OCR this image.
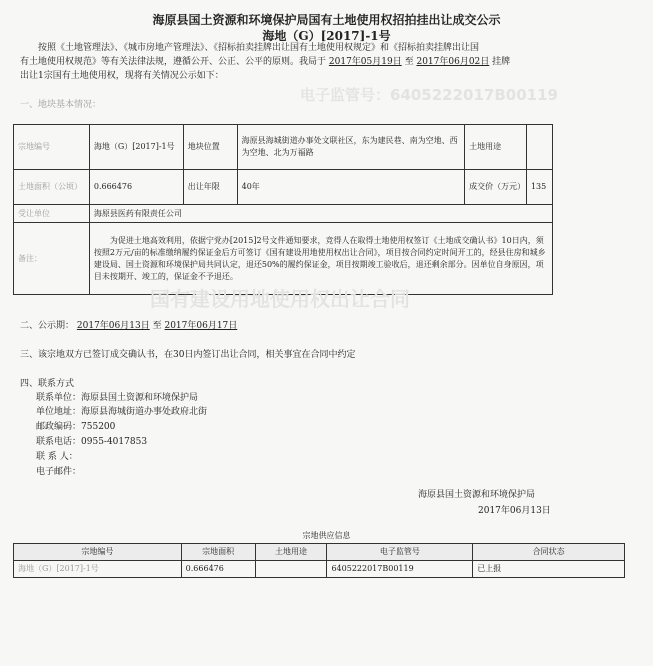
海原县国土资源和环境保护局国有土地使用权招拍挂出让成交公示
海地（G）[2017]-1号
按照《土地管理法》、《城市房地产管理法》、《招标拍卖挂牌出让国有土地使用权规定》和《招标拍卖挂牌出让国
有土地使用权规范》等有关法律法规，遵循公开、公正、公平的原则。我局于 2017年05月19日 至 2017年06月02日 挂牌
出让1宗国有土地使用权，现将有关情况公示如下：
电子监管号：6405222017B00119
一、地块基本情况：
宗地编号	海地（G）[2017]-1号	地块位置	海原县海城街道办事处文联社区，东为建民巷、南为空地、西为空地、北为万福路	土地用途	
土地面积（公顷）	0.666476	出让年限	40年	成交价（万元）	135
受让单位	海原县医药有限责任公司				
备注：	为促进土地高效利用，依据宁党办[2015]2号文件通知要求，竞得人在取得土地使用权签订《土地成交确认书》10日内，须按照2万元/亩的标准缴纳履约保证金后方可签订《国有建设用地使用权出让合同》，项目按合同约定时间开工的，经县住房和城乡建设局、国土资源和环境保护局共同认定，退还50%的履约保证金，项目按期竣工验收后，退还剩余部分。因单位自身原因，项目未按期开、竣工的，保证金不予退还。				
国有建设用地使用权出让合同
二、公示期： 2017年06月13日 至 2017年06月17日
三、该宗地双方已签订成交确认书，在30日内签订出让合同，相关事宜在合同中约定
四、联系方式
联系单位：海原县国土资源和环境保护局
单位地址：海原县海城街道办事处政府北街
邮政编码：755200
联系电话：0955-4017853
联 系 人：
电子邮件：
海原县国土资源和环境保护局
2017年06月13日
宗地供应信息
宗地编号	宗地面积	土地用途	电子监管号	合同状态
海地（G）[2017]-1号	0.666476		6405222017B00119	已上报
